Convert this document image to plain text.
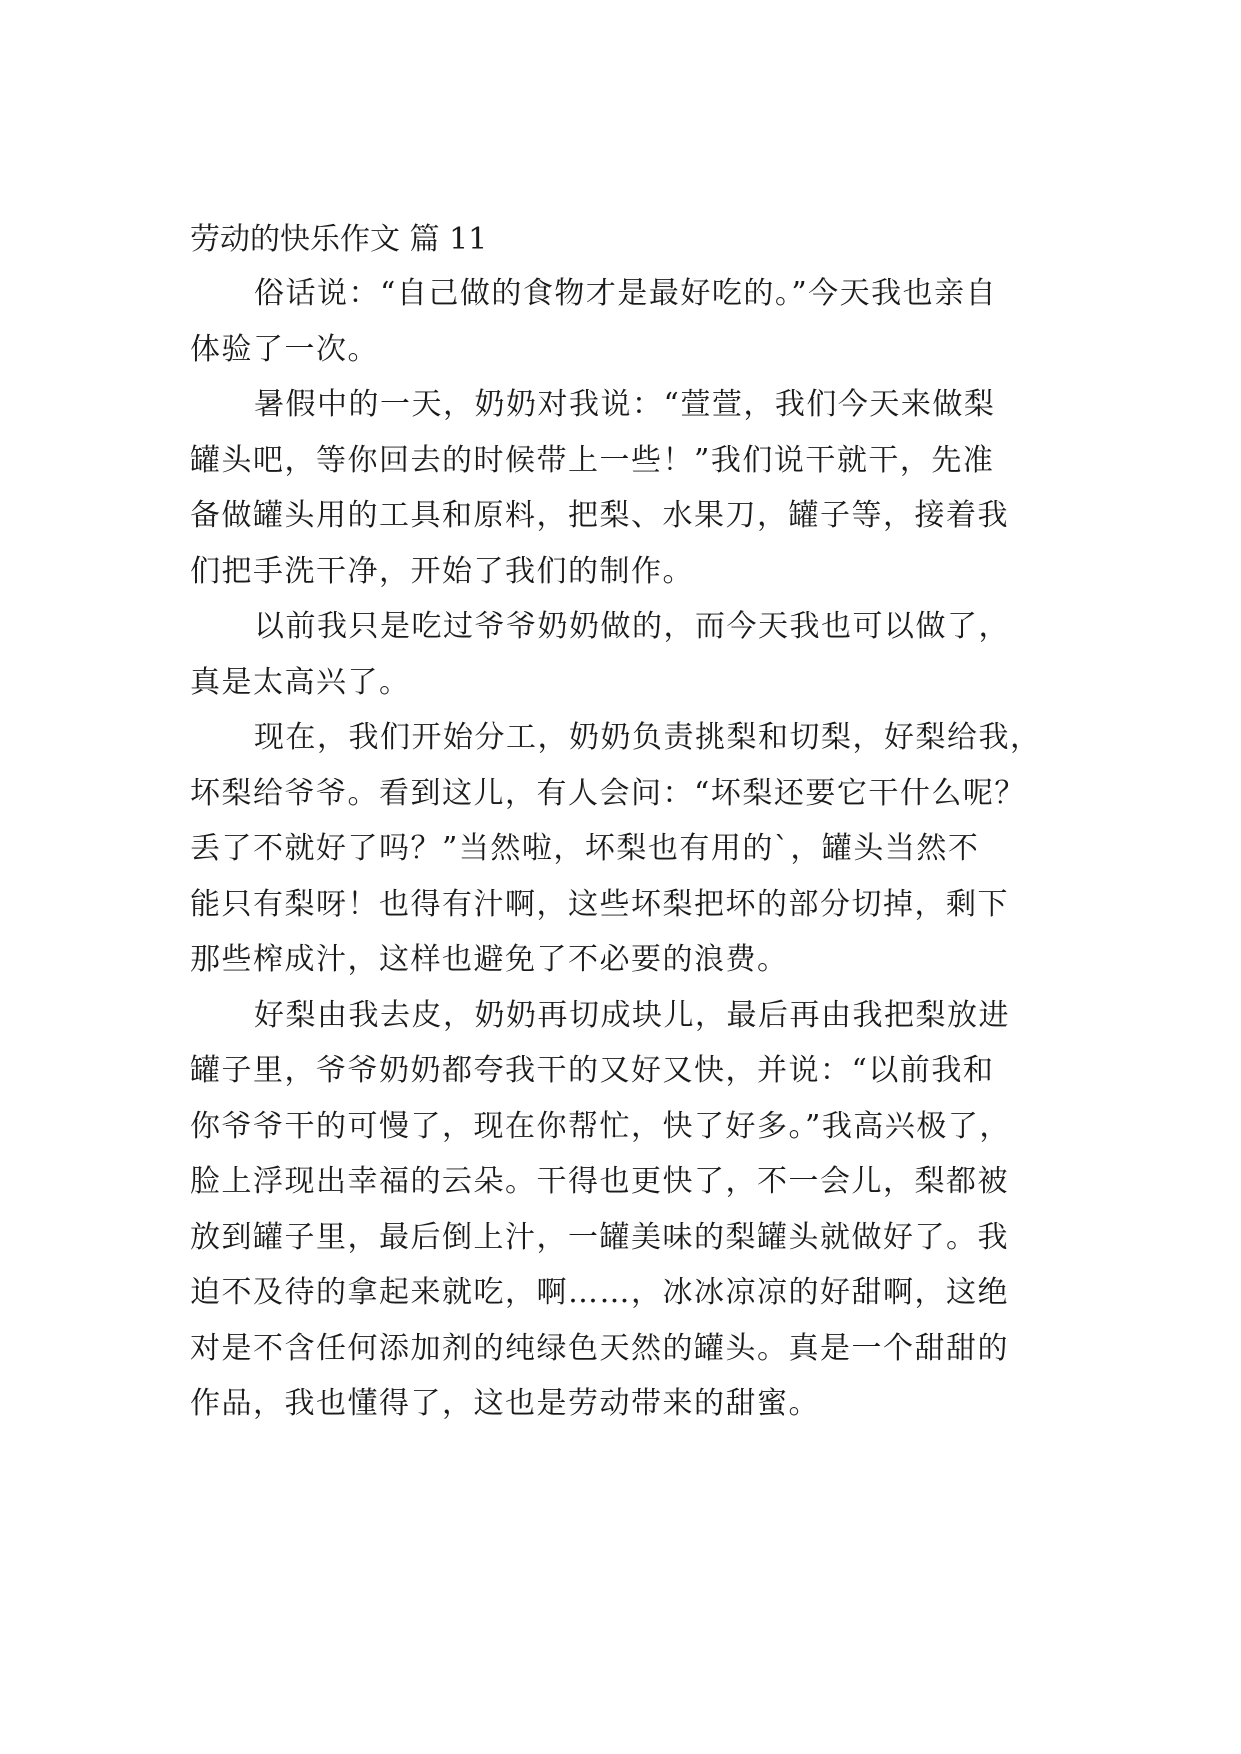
劳动的快乐作文 篇 11
俗话说：“自己做的食物才是最好吃的。”今天我也亲自
体验了一次。
暑假中的一天，奶奶对我说：“萱萱，我们今天来做梨
罐头吧，等你回去的时候带上一些！”我们说干就干，先准
备做罐头用的工具和原料，把梨、水果刀，罐子等，接着我
们把手洗干净，开始了我们的制作。
以前我只是吃过爷爷奶奶做的，而今天我也可以做了，
真是太高兴了。
现在，我们开始分工，奶奶负责挑梨和切梨，好梨给我，
坏梨给爷爷。看到这儿，有人会问：“坏梨还要它干什么呢？
丢了不就好了吗？”当然啦，坏梨也有用的`，罐头当然不
能只有梨呀！也得有汁啊，这些坏梨把坏的部分切掉，剩下
那些榨成汁，这样也避免了不必要的浪费。
好梨由我去皮，奶奶再切成块儿，最后再由我把梨放进
罐子里，爷爷奶奶都夸我干的又好又快，并说：“以前我和
你爷爷干的可慢了，现在你帮忙，快了好多。”我高兴极了，
脸上浮现出幸福的云朵。干得也更快了，不一会儿，梨都被
放到罐子里，最后倒上汁，一罐美味的梨罐头就做好了。我
迫不及待的拿起来就吃，啊……，冰冰凉凉的好甜啊，这绝
对是不含任何添加剂的纯绿色天然的罐头。真是一个甜甜的
作品，我也懂得了，这也是劳动带来的甜蜜。
